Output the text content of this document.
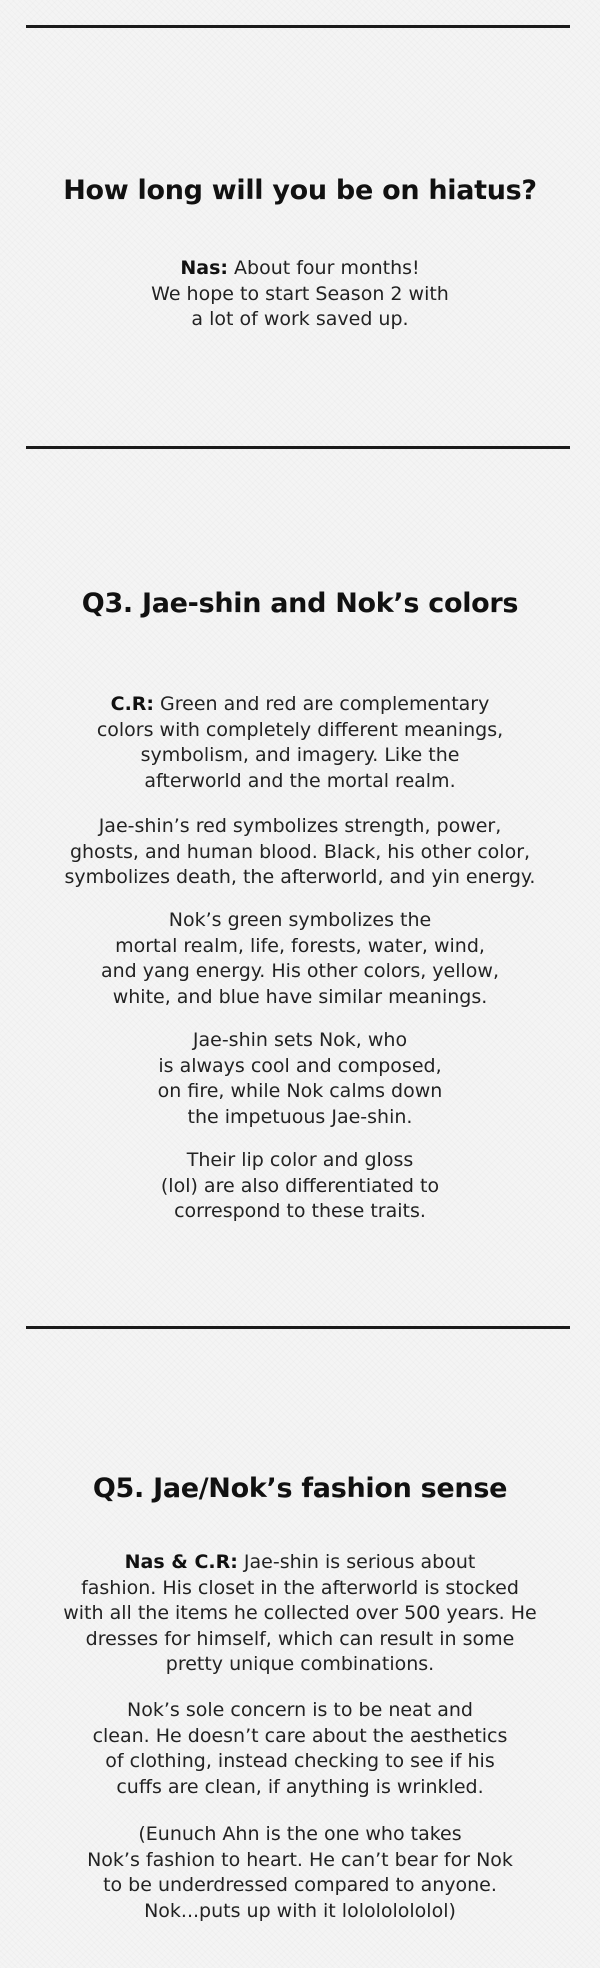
How long will you be on hiatus?
Nas: About four months!
We hope to start Season 2 with
a lot of work saved up.
Q3. Jae-shin and Nok’s colors
C.R: Green and red are complementary
colors with completely different meanings,
symbolism, and imagery. Like the
afterworld and the mortal realm.
Jae-shin’s red symbolizes strength, power,
ghosts, and human blood. Black, his other color,
symbolizes death, the afterworld, and yin energy.
Nok’s green symbolizes the
mortal realm, life, forests, water, wind,
and yang energy. His other colors, yellow,
white, and blue have similar meanings.
Jae-shin sets Nok, who
is always cool and composed,
on fire, while Nok calms down
the impetuous Jae-shin.
Their lip color and gloss
(lol) are also differentiated to
correspond to these traits.
Q5. Jae/Nok’s fashion sense
Nas & C.R: Jae-shin is serious about
fashion. His closet in the afterworld is stocked
with all the items he collected over 500 years. He
dresses for himself, which can result in some
pretty unique combinations.
Nok’s sole concern is to be neat and
clean. He doesn’t care about the aesthetics
of clothing, instead checking to see if his
cuffs are clean, if anything is wrinkled.
(Eunuch Ahn is the one who takes
Nok’s fashion to heart. He can’t bear for Nok
to be underdressed compared to anyone.
Nok...puts up with it lolololololol)
